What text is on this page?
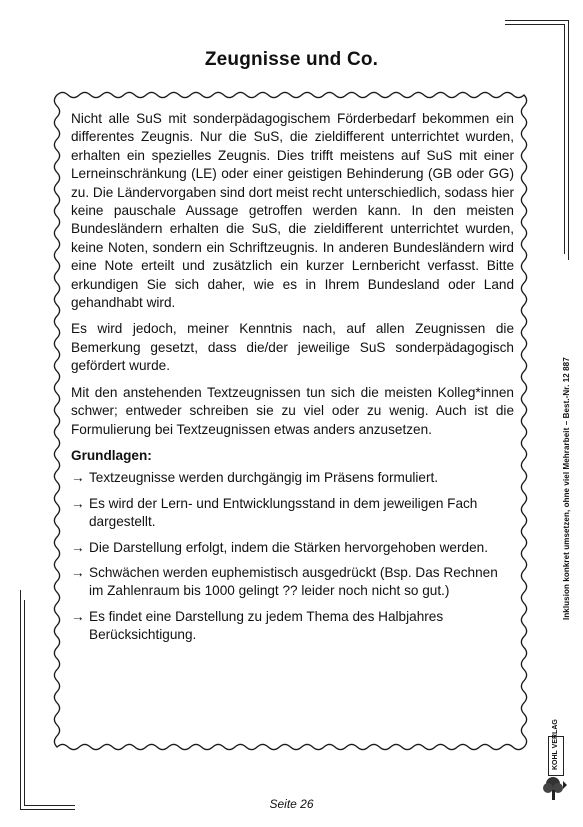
Zeugnisse und Co.

Nicht alle SuS mit sonderpädagogischem Förderbedarf bekommen ein differentes Zeugnis. Nur die SuS, die zieldifferent unterrichtet wurden, erhalten ein spezielles Zeugnis. Dies trifft meistens auf SuS mit einer Lerneinschränkung (LE) oder einer geistigen Behinderung (GB oder GG) zu. Die Ländervorgaben sind dort meist recht unterschiedlich, sodass hier keine pauschale Aussage getroffen werden kann. In den meisten Bundesländern erhalten die SuS, die zieldifferent unterrichtet wurden, keine Noten, sondern ein Schriftzeugnis. In anderen Bundesländern wird eine Note erteilt und zusätzlich ein kurzer Lernbericht verfasst. Bitte erkundigen Sie sich daher, wie es in Ihrem Bundesland oder Land gehandhabt wird.

Es wird jedoch, meiner Kenntnis nach, auf allen Zeugnissen die Bemerkung gesetzt, dass die/der jeweilige SuS sonderpädagogisch gefördert wurde.

Mit den anstehenden Textzeugnissen tun sich die meisten Kolleg*innen schwer; entweder schreiben sie zu viel oder zu wenig. Auch ist die Formulierung bei Textzeugnissen etwas anders anzusetzen.

Grundlagen:
→ Textzeugnisse werden durchgängig im Präsens formuliert.
→ Es wird der Lern- und Entwicklungsstand in dem jeweiligen Fach dargestellt.
→ Die Darstellung erfolgt, indem die Stärken hervorgehoben werden.
→ Schwächen werden euphemistisch ausgedrückt (Bsp. Das Rechnen im Zahlenraum bis 1000 gelingt ?? leider noch nicht so gut.)
→ Es findet eine Darstellung zu jedem Thema des Halbjahres Berücksichtigung.
Inklusion konkret umsetzen, ohne viel Mehrarbeit – Best.-Nr. 12 887
KOHL VERLAG
Seite 26
